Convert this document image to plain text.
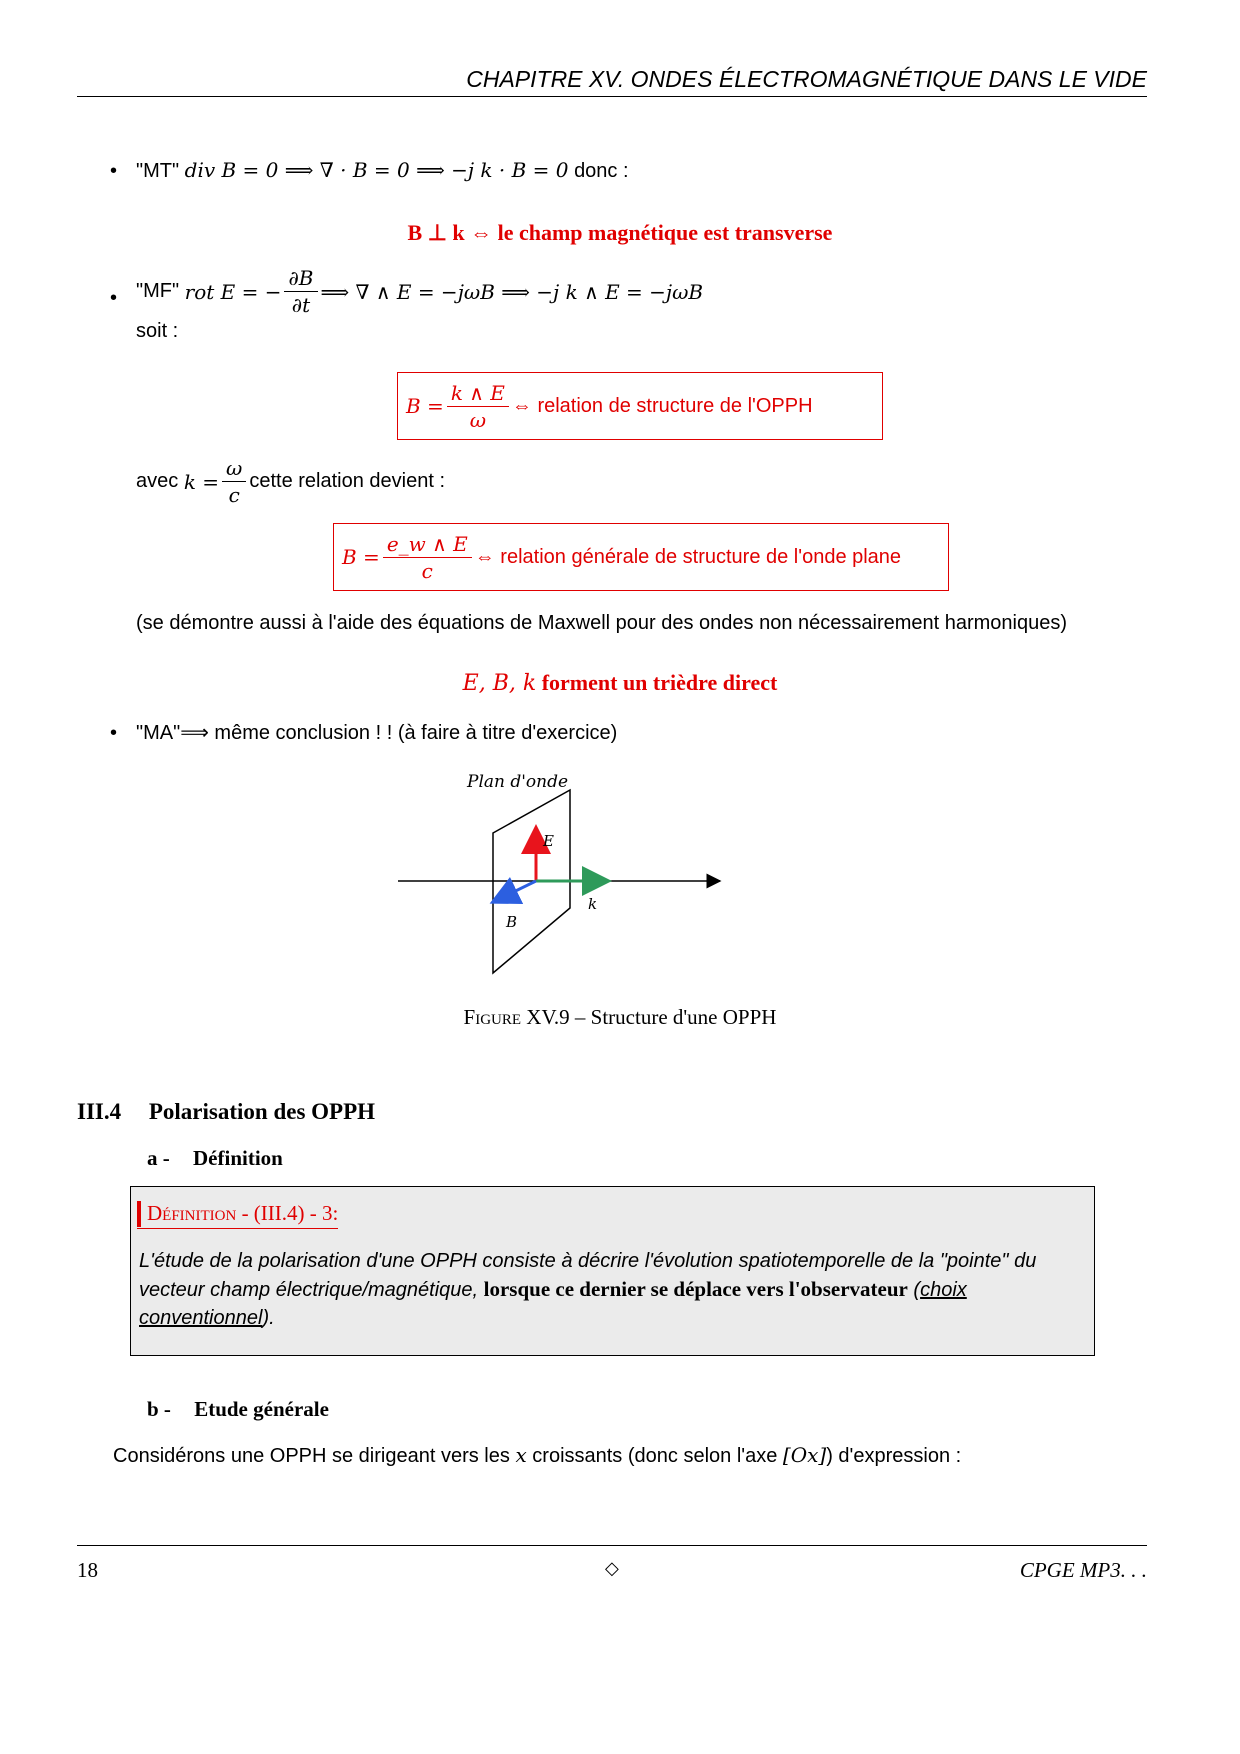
CHAPITRE XV. ONDES ÉLECTROMAGNÉTIQUE DANS LE VIDE
• "MT" div B = 0 ⟹ ∇ · B = 0 ⟹ −j k · B = 0 donc :
B ⊥ k ⇔ le champ magnétique est transverse
• "MF"
rot E = − $\frac{\partial B}{\partial t}$ ⟹ ∇ ∧ E = −jωB ⟹ −j k ∧ E = −jωB
soit :
$B = \frac{k \wedge E}{\omega}$ ⇔ relation de structure de l'OPPH
avec
$k = \frac{\omega}{c}$ cette relation devient :
$B = \frac{e\_w \wedge E}{c}$ ⇔ relation générale de structure de l'onde plane
(se démontre aussi à l'aide des équations de Maxwell pour des ondes non nécessairement harmoniques)
E, B, k forment un trièdre direct
• "MA"⟹ même conclusion ! ! (à faire à titre d'exercice)
Plan d'onde
E
B
k
Figure XV.9 – Structure d'une OPPH
III.4 Polarisation des OPPH
a - Définition
Définition - (III.4) - 3:
L'étude de la polarisation d'une OPPH consiste à décrire l'évolution spatiotemporelle de la "pointe" du vecteur champ électrique/magnétique, lorsque ce dernier se déplace vers l'observateur (choix conventionnel).
b - Etude générale
Considérons une OPPH se dirigeant vers les x croissants (donc selon l'axe [Ox]) d'expression :
18	◇	CPGE MP3. . .
